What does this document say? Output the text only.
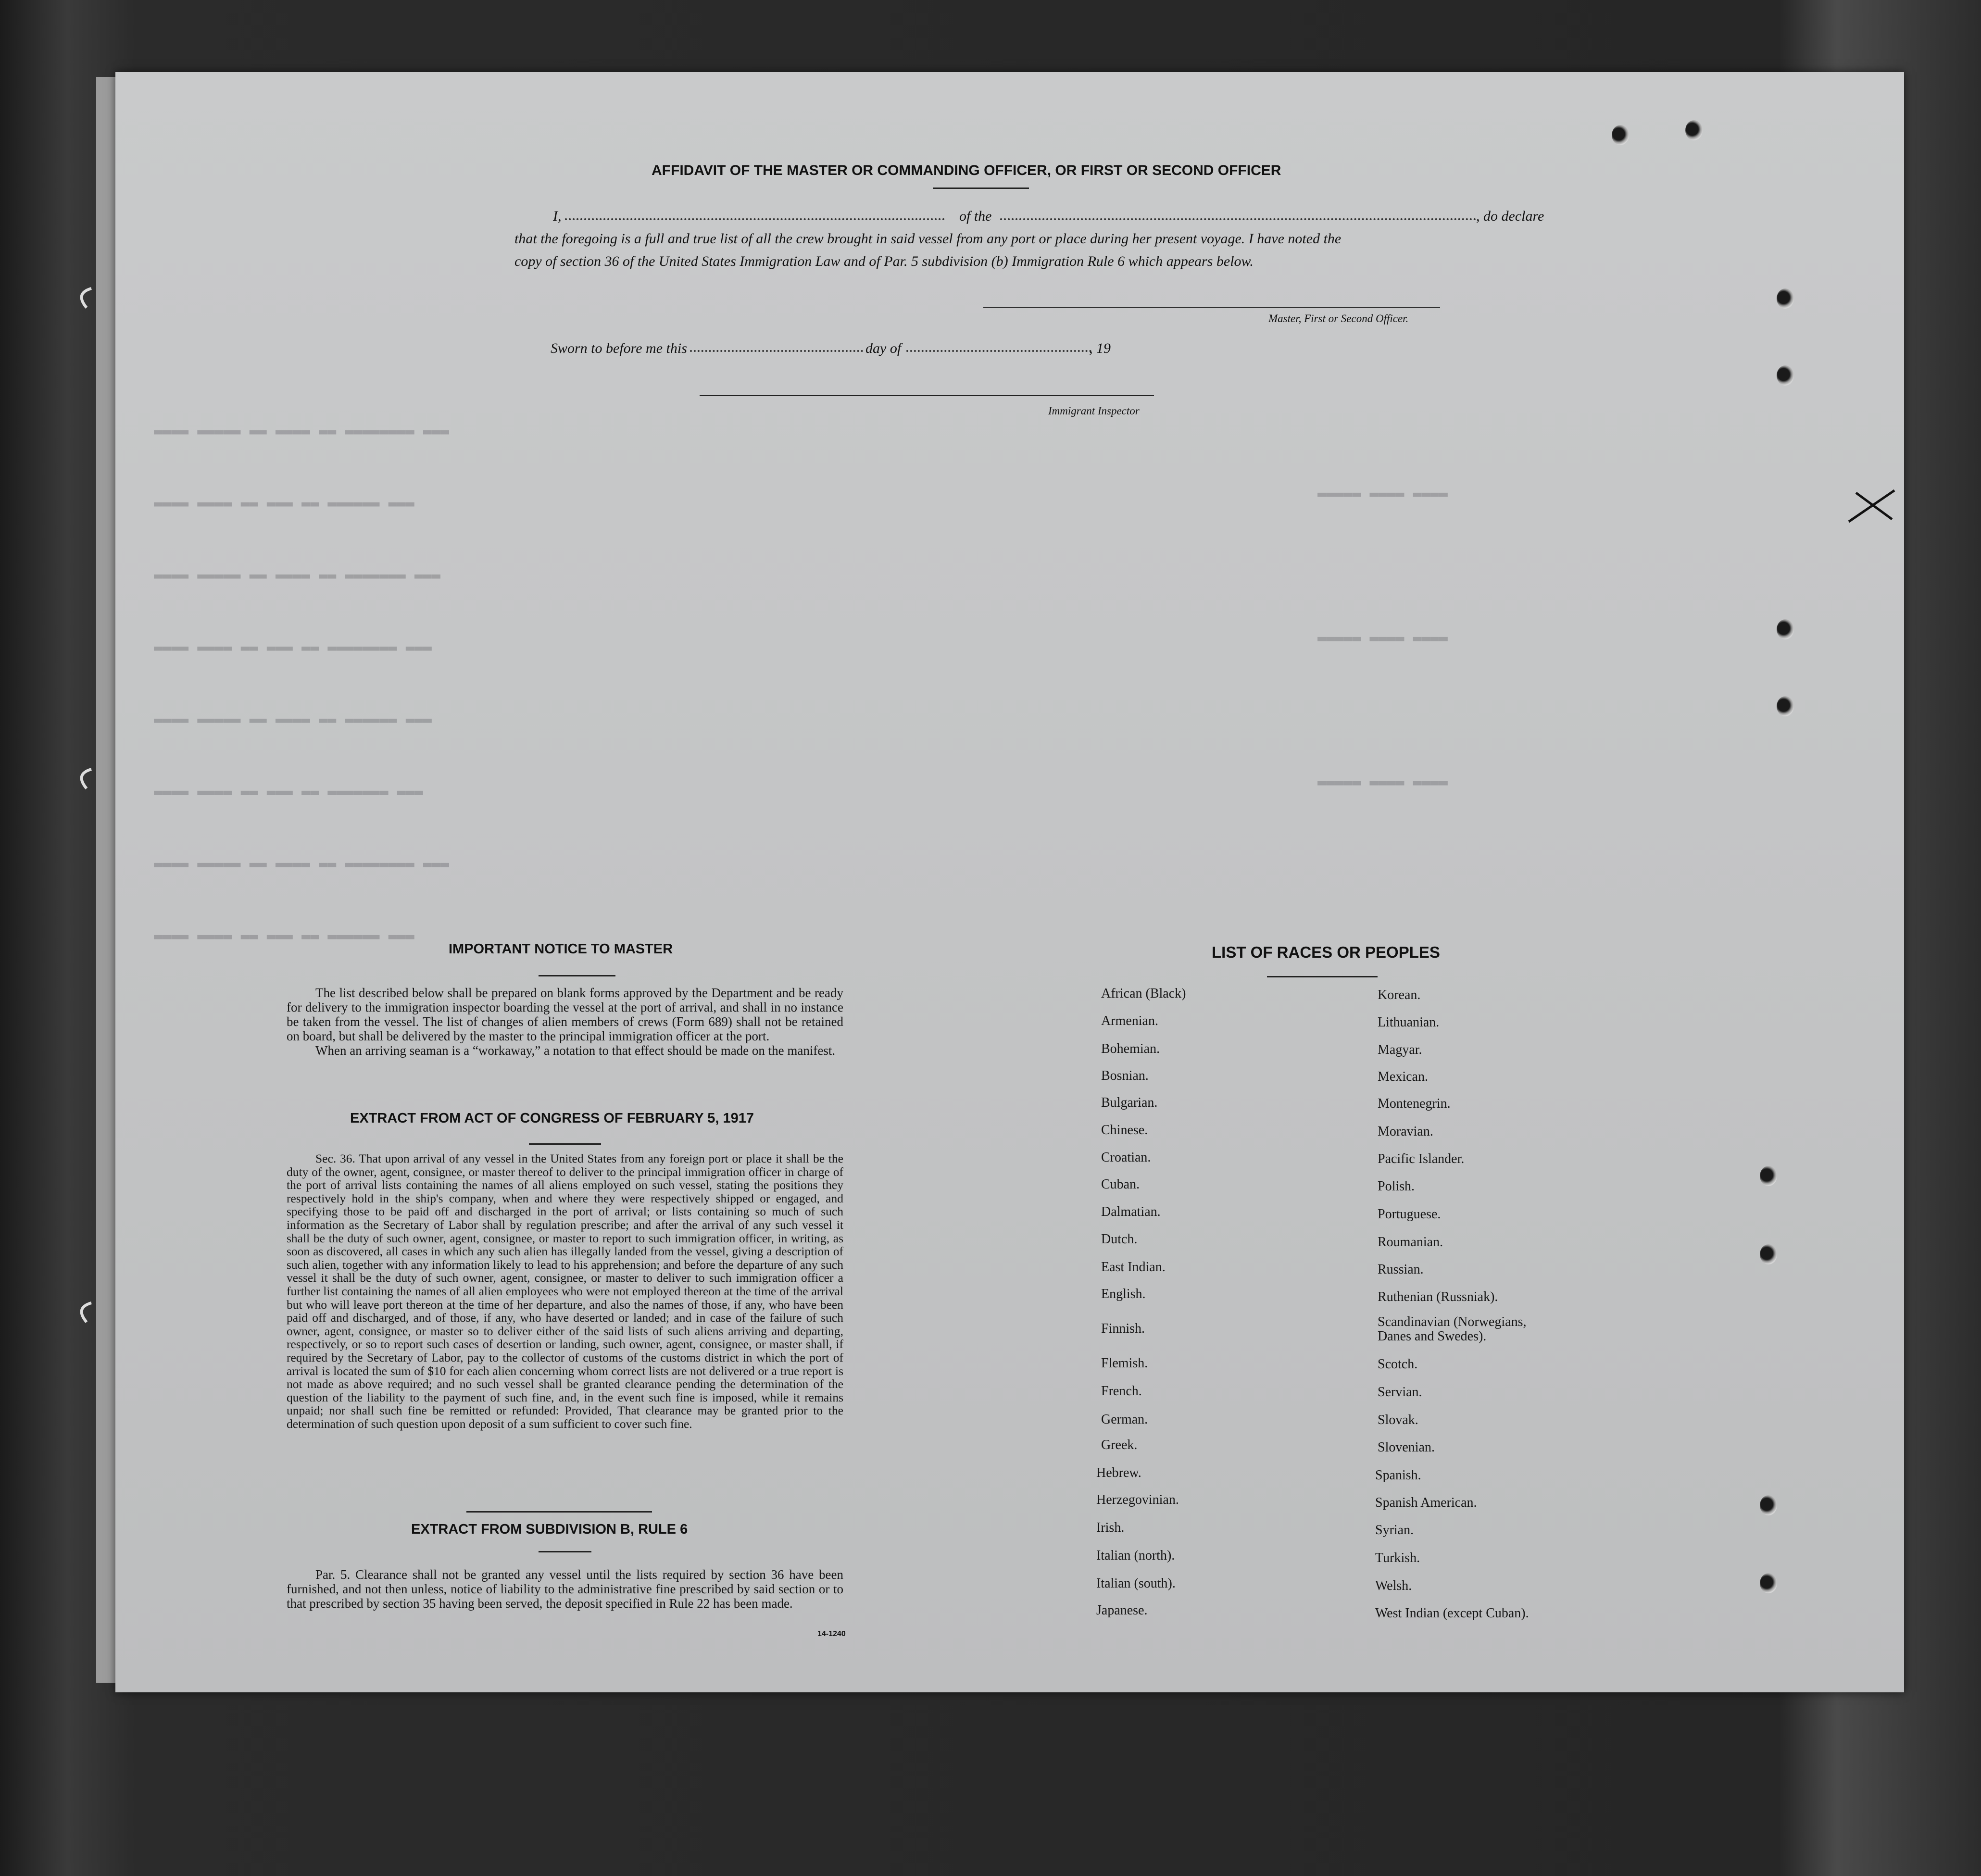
▬▬▬▬ ▬▬▬▬▬ ▬▬ ▬▬▬▬ ▬▬ ▬▬▬▬▬▬▬▬ ▬▬▬
▬▬▬▬ ▬▬▬▬ ▬▬ ▬▬▬ ▬▬ ▬▬▬▬▬▬ ▬▬▬
▬▬▬▬ ▬▬▬▬▬ ▬▬ ▬▬▬▬ ▬▬ ▬▬▬▬▬▬▬ ▬▬▬
▬▬▬▬ ▬▬▬▬ ▬▬ ▬▬▬ ▬▬ ▬▬▬▬▬▬▬▬ ▬▬▬
▬▬▬▬ ▬▬▬▬▬ ▬▬ ▬▬▬▬ ▬▬ ▬▬▬▬▬▬ ▬▬▬
▬▬▬▬ ▬▬▬▬ ▬▬ ▬▬▬ ▬▬ ▬▬▬▬▬▬▬ ▬▬▬
▬▬▬▬ ▬▬▬▬▬ ▬▬ ▬▬▬▬ ▬▬ ▬▬▬▬▬▬▬▬ ▬▬▬
▬▬▬▬ ▬▬▬▬ ▬▬ ▬▬▬ ▬▬ ▬▬▬▬▬▬ ▬▬▬
▬▬▬▬▬ ▬▬▬▬ ▬▬▬▬
▬▬▬▬▬ ▬▬▬▬ ▬▬▬▬
▬▬▬▬▬ ▬▬▬▬ ▬▬▬▬
AFFIDAVIT OF THE MASTER OR COMMANDING OFFICER, OR FIRST OR SECOND OFFICER
I,	of the	, do declare
that the foregoing is a full and true list of all the crew brought in said vessel from any port or place during her present voyage. I have noted the
copy of section 36 of the United States Immigration Law and of Par. 5 subdivision (b) Immigration Rule 6 which appears below.
Master, First or Second Officer.
Sworn to before me this	day of	, 19
Immigrant Inspector
IMPORTANT NOTICE TO MASTER

The list described below shall be prepared on blank forms approved by the Department and be ready for delivery to the immigration inspector boarding the vessel at the port of arrival, and shall in no instance be taken from the vessel. The list of changes of alien members of crews (Form 689) shall not be retained on board, but shall be delivered by the master to the principal immigration officer at the port.

When an arriving seaman is a “workaway,” a notation to that effect should be made on the manifest.

EXTRACT FROM ACT OF CONGRESS OF FEBRUARY 5, 1917

Sec. 36. That upon arrival of any vessel in the United States from any foreign port or place it shall be the duty of the owner, agent, consignee, or master thereof to deliver to the principal immigration officer in charge of the port of arrival lists containing the names of all aliens employed on such vessel, stating the positions they respectively hold in the ship's company, when and where they were respectively shipped or engaged, and specifying those to be paid off and discharged in the port of arrival; or lists containing so much of such information as the Secretary of Labor shall by regulation prescribe; and after the arrival of any such vessel it shall be the duty of such owner, agent, consignee, or master to report to such immigration officer, in writing, as soon as discovered, all cases in which any such alien has illegally landed from the vessel, giving a description of such alien, together with any information likely to lead to his apprehension; and before the departure of any such vessel it shall be the duty of such owner, agent, consignee, or master to deliver to such immigration officer a further list containing the names of all alien employees who were not employed thereon at the time of the arrival but who will leave port thereon at the time of her departure, and also the names of those, if any, who have been paid off and discharged, and of those, if any, who have deserted or landed; and in case of the failure of such owner, agent, consignee, or master so to deliver either of the said lists of such aliens arriving and departing, respectively, or so to report such cases of desertion or landing, such owner, agent, consignee, or master shall, if required by the Secretary of Labor, pay to the collector of customs of the customs district in which the port of arrival is located the sum of $10 for each alien concerning whom correct lists are not delivered or a true report is not made as above required; and no such vessel shall be granted clearance pending the determination of the question of the liability to the payment of such fine, and, in the event such fine is imposed, while it remains unpaid; nor shall such fine be remitted or refunded: Provided, That clearance may be granted prior to the determination of such question upon deposit of a sum sufficient to cover such fine.

EXTRACT FROM SUBDIVISION B, RULE 6

Par. 5. Clearance shall not be granted any vessel until the lists required by section 36 have been furnished, and not then unless, notice of liability to the administrative fine prescribed by said section or to that prescribed by section 35 having been served, the deposit specified in Rule 22 has been made.

14-1240
LIST OF RACES OR PEOPLES
African (Black)
Armenian.
Bohemian.
Bosnian.
Bulgarian.
Chinese.
Croatian.
Cuban.
Dalmatian.
Dutch.
East Indian.
English.
Finnish.
Flemish.
French.
German.
Greek.
Hebrew.
Herzegovinian.
Irish.
Italian (north).
Italian (south).
Japanese.
Korean.
Lithuanian.
Magyar.
Mexican.
Montenegrin.
Moravian.
Pacific Islander.
Polish.
Portuguese.
Roumanian.
Russian.
Ruthenian (Russniak).
Scandinavian (Norwegians, Danes and Swedes).
Scotch.
Servian.
Slovak.
Slovenian.
Spanish.
Spanish American.
Syrian.
Turkish.
Welsh.
West Indian (except Cuban).
